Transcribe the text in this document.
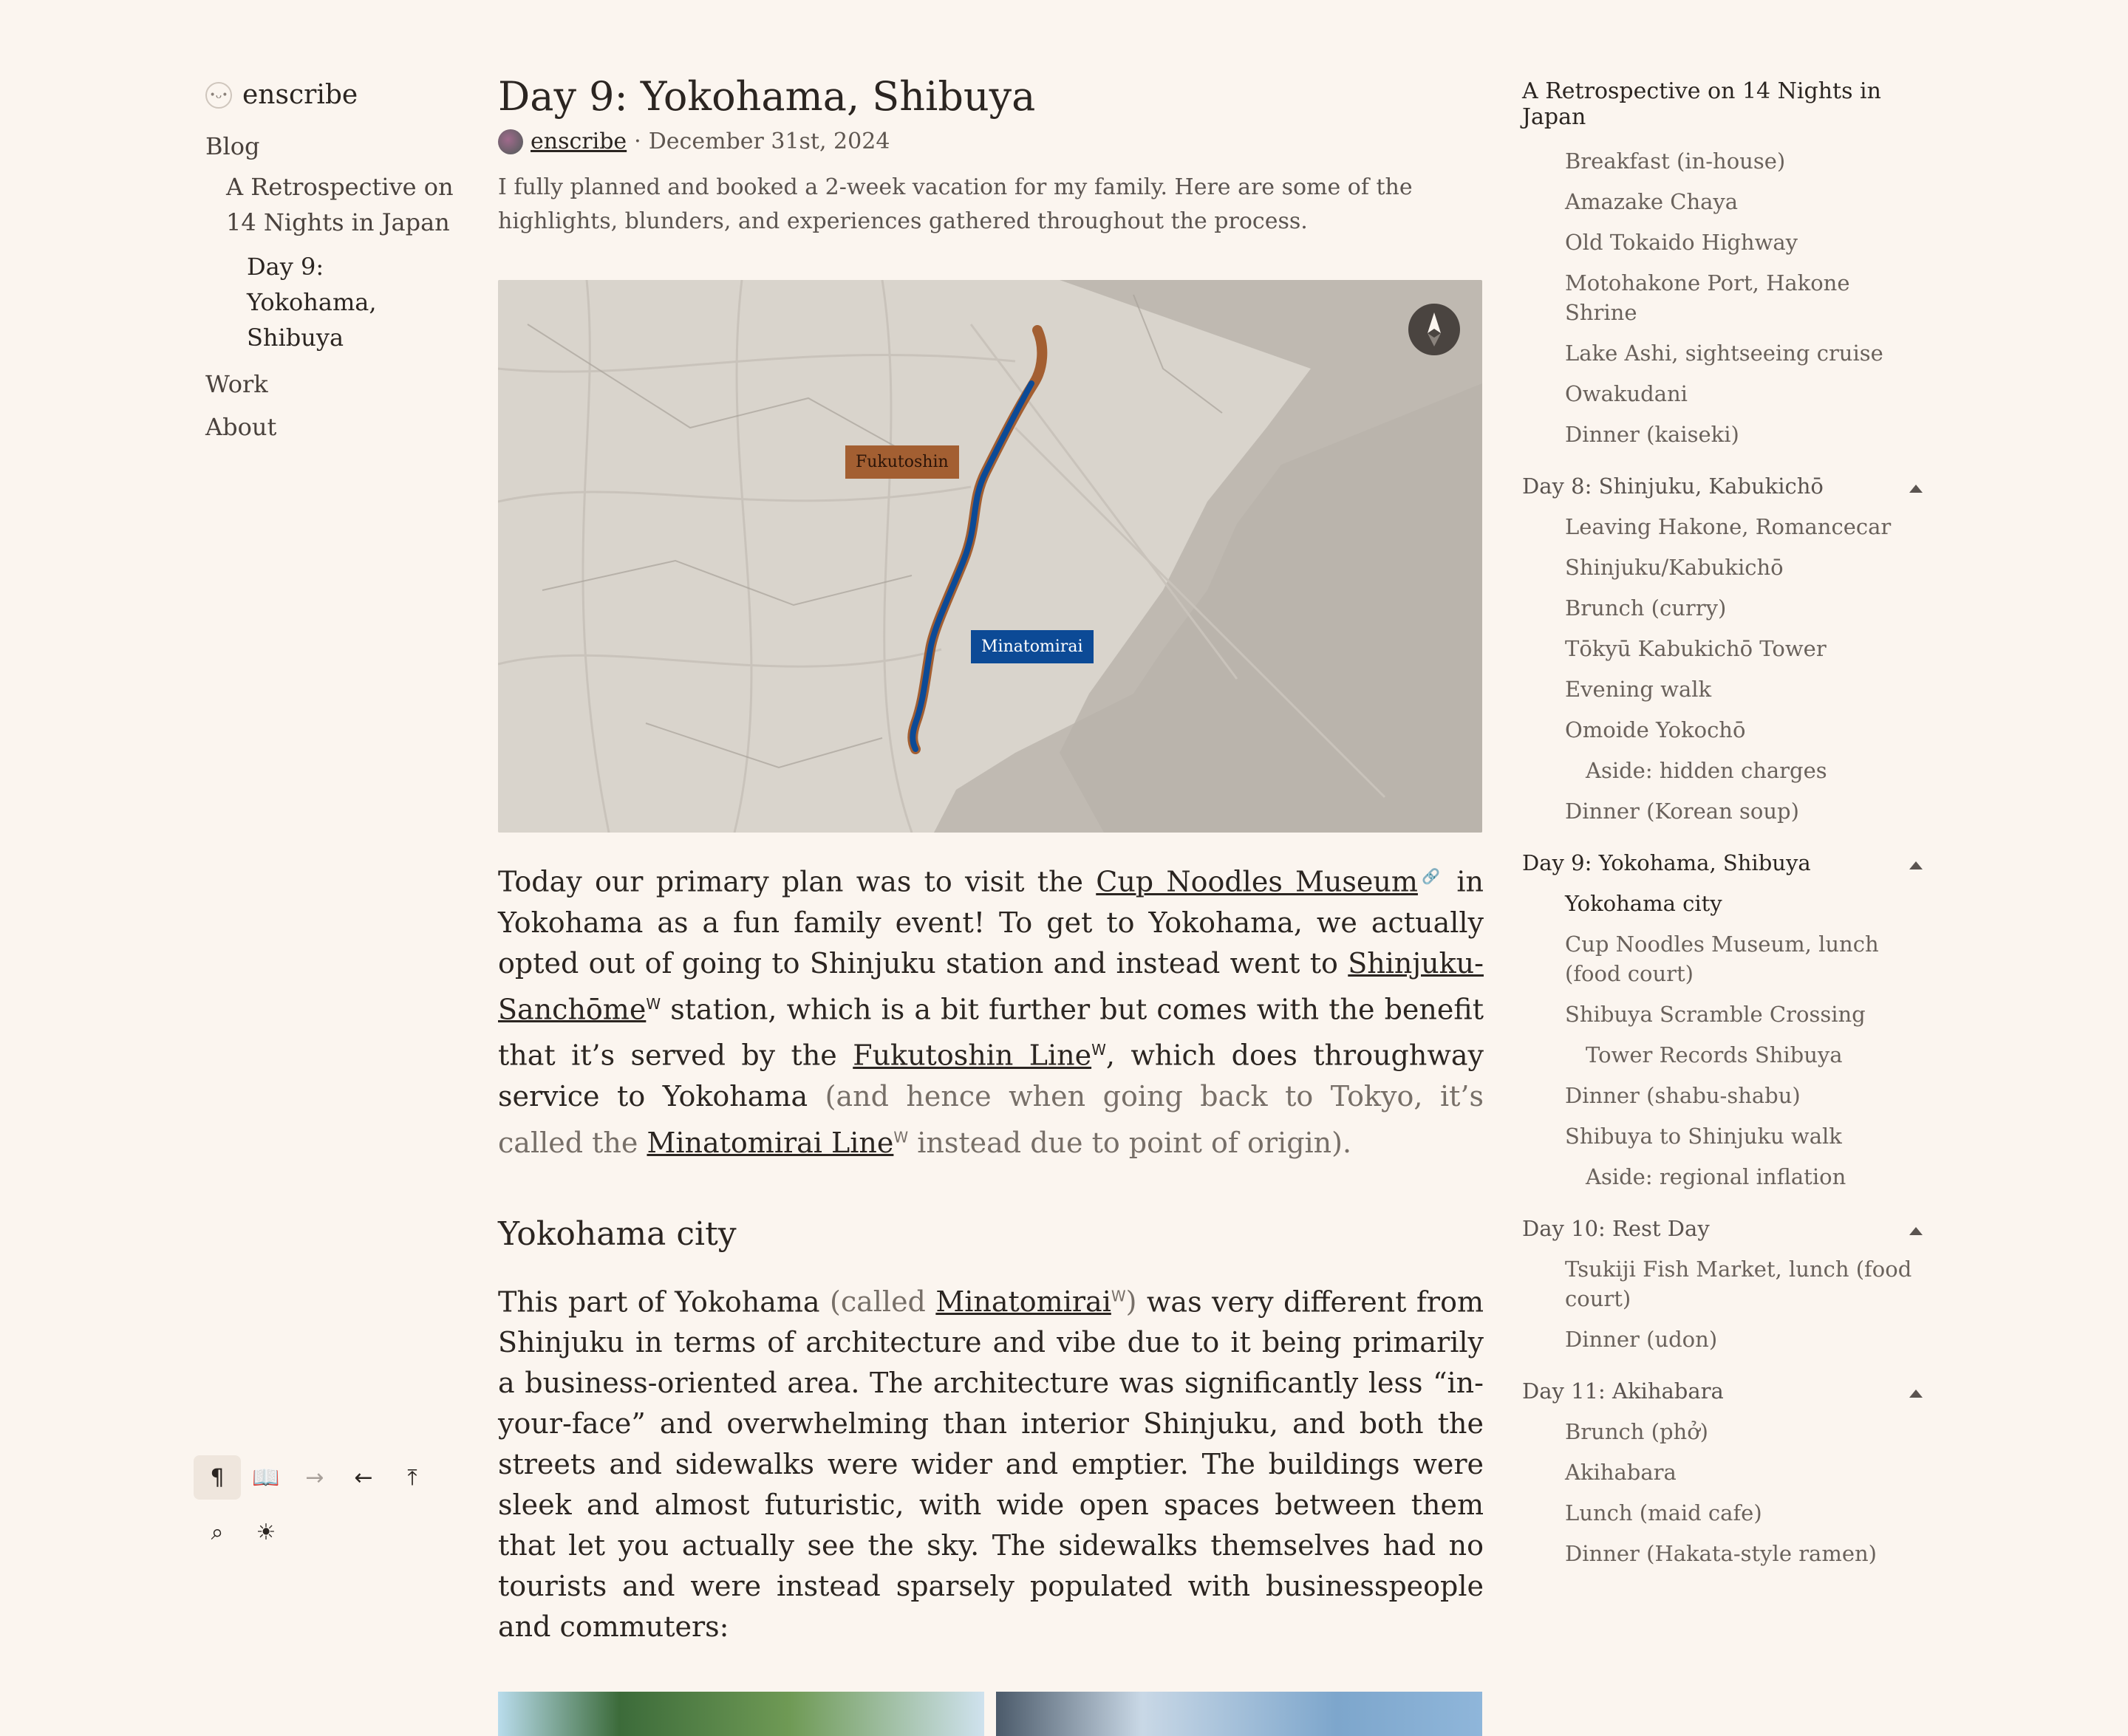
•ᴗ• enscribe
Blog
A Retrospective on 14 Nights in Japan
Day 9: Yokohama, Shibuya
Work
About
¶	📖	→	←	⤒
⌕	☀
Day 9: Yokohama, Shibuya
enscribe · December 31st, 2024
I fully planned and booked a 2-week vacation for my family. Here are some of the highlights, blunders, and experiences gathered throughout the process.
Fukutoshin
Minatomirai

Today our primary plan was to visit the Cup Noodles Museum🔗 in Yokohama as a fun family event! To get to Yokohama, we actually opted out of going to Shinjuku station and instead went to Shinjuku-Sanchōme$^W$ station, which is a bit further but comes with the benefit that it’s served by the Fukutoshin Line$^W$, which does throughway service to Yokohama (and hence when going back to Tokyo, it’s called the Minatomirai Line$^W$ instead due to point of origin).

Yokohama city

This part of Yokohama (called Minatomirai$^W$) was very different from Shinjuku in terms of architecture and vibe due to it being primarily a business-oriented area. The architecture was significantly less “in-your-face” and overwhelming than interior Shinjuku, and both the streets and sidewalks were wider and emptier. The buildings were sleek and almost futuristic, with wide open spaces between them that let you actually see the sky. The sidewalks themselves had no tourists and were instead sparsely populated with businesspeople and commuters:

A Retrospective on 14 Nights in Japan
Breakfast (in-house)
Amazake Chaya
Old Tokaido Highway
Motohakone Port, Hakone Shrine
Lake Ashi, sightseeing cruise
Owakudani
Dinner (kaiseki)
Day 8: Shinjuku, Kabukichō
Leaving Hakone, Romancecar
Shinjuku/Kabukichō
Brunch (curry)
Tōkyū Kabukichō Tower
Evening walk
Omoide Yokochō
Aside: hidden charges
Dinner (Korean soup)
Day 9: Yokohama, Shibuya
Yokohama city
Cup Noodles Museum, lunch (food court)
Shibuya Scramble Crossing
Tower Records Shibuya
Dinner (shabu-shabu)
Shibuya to Shinjuku walk
Aside: regional inflation
Day 10: Rest Day
Tsukiji Fish Market, lunch (food court)
Dinner (udon)
Day 11: Akihabara
Brunch (phở)
Akihabara
Lunch (maid cafe)
Dinner (Hakata-style ramen)
